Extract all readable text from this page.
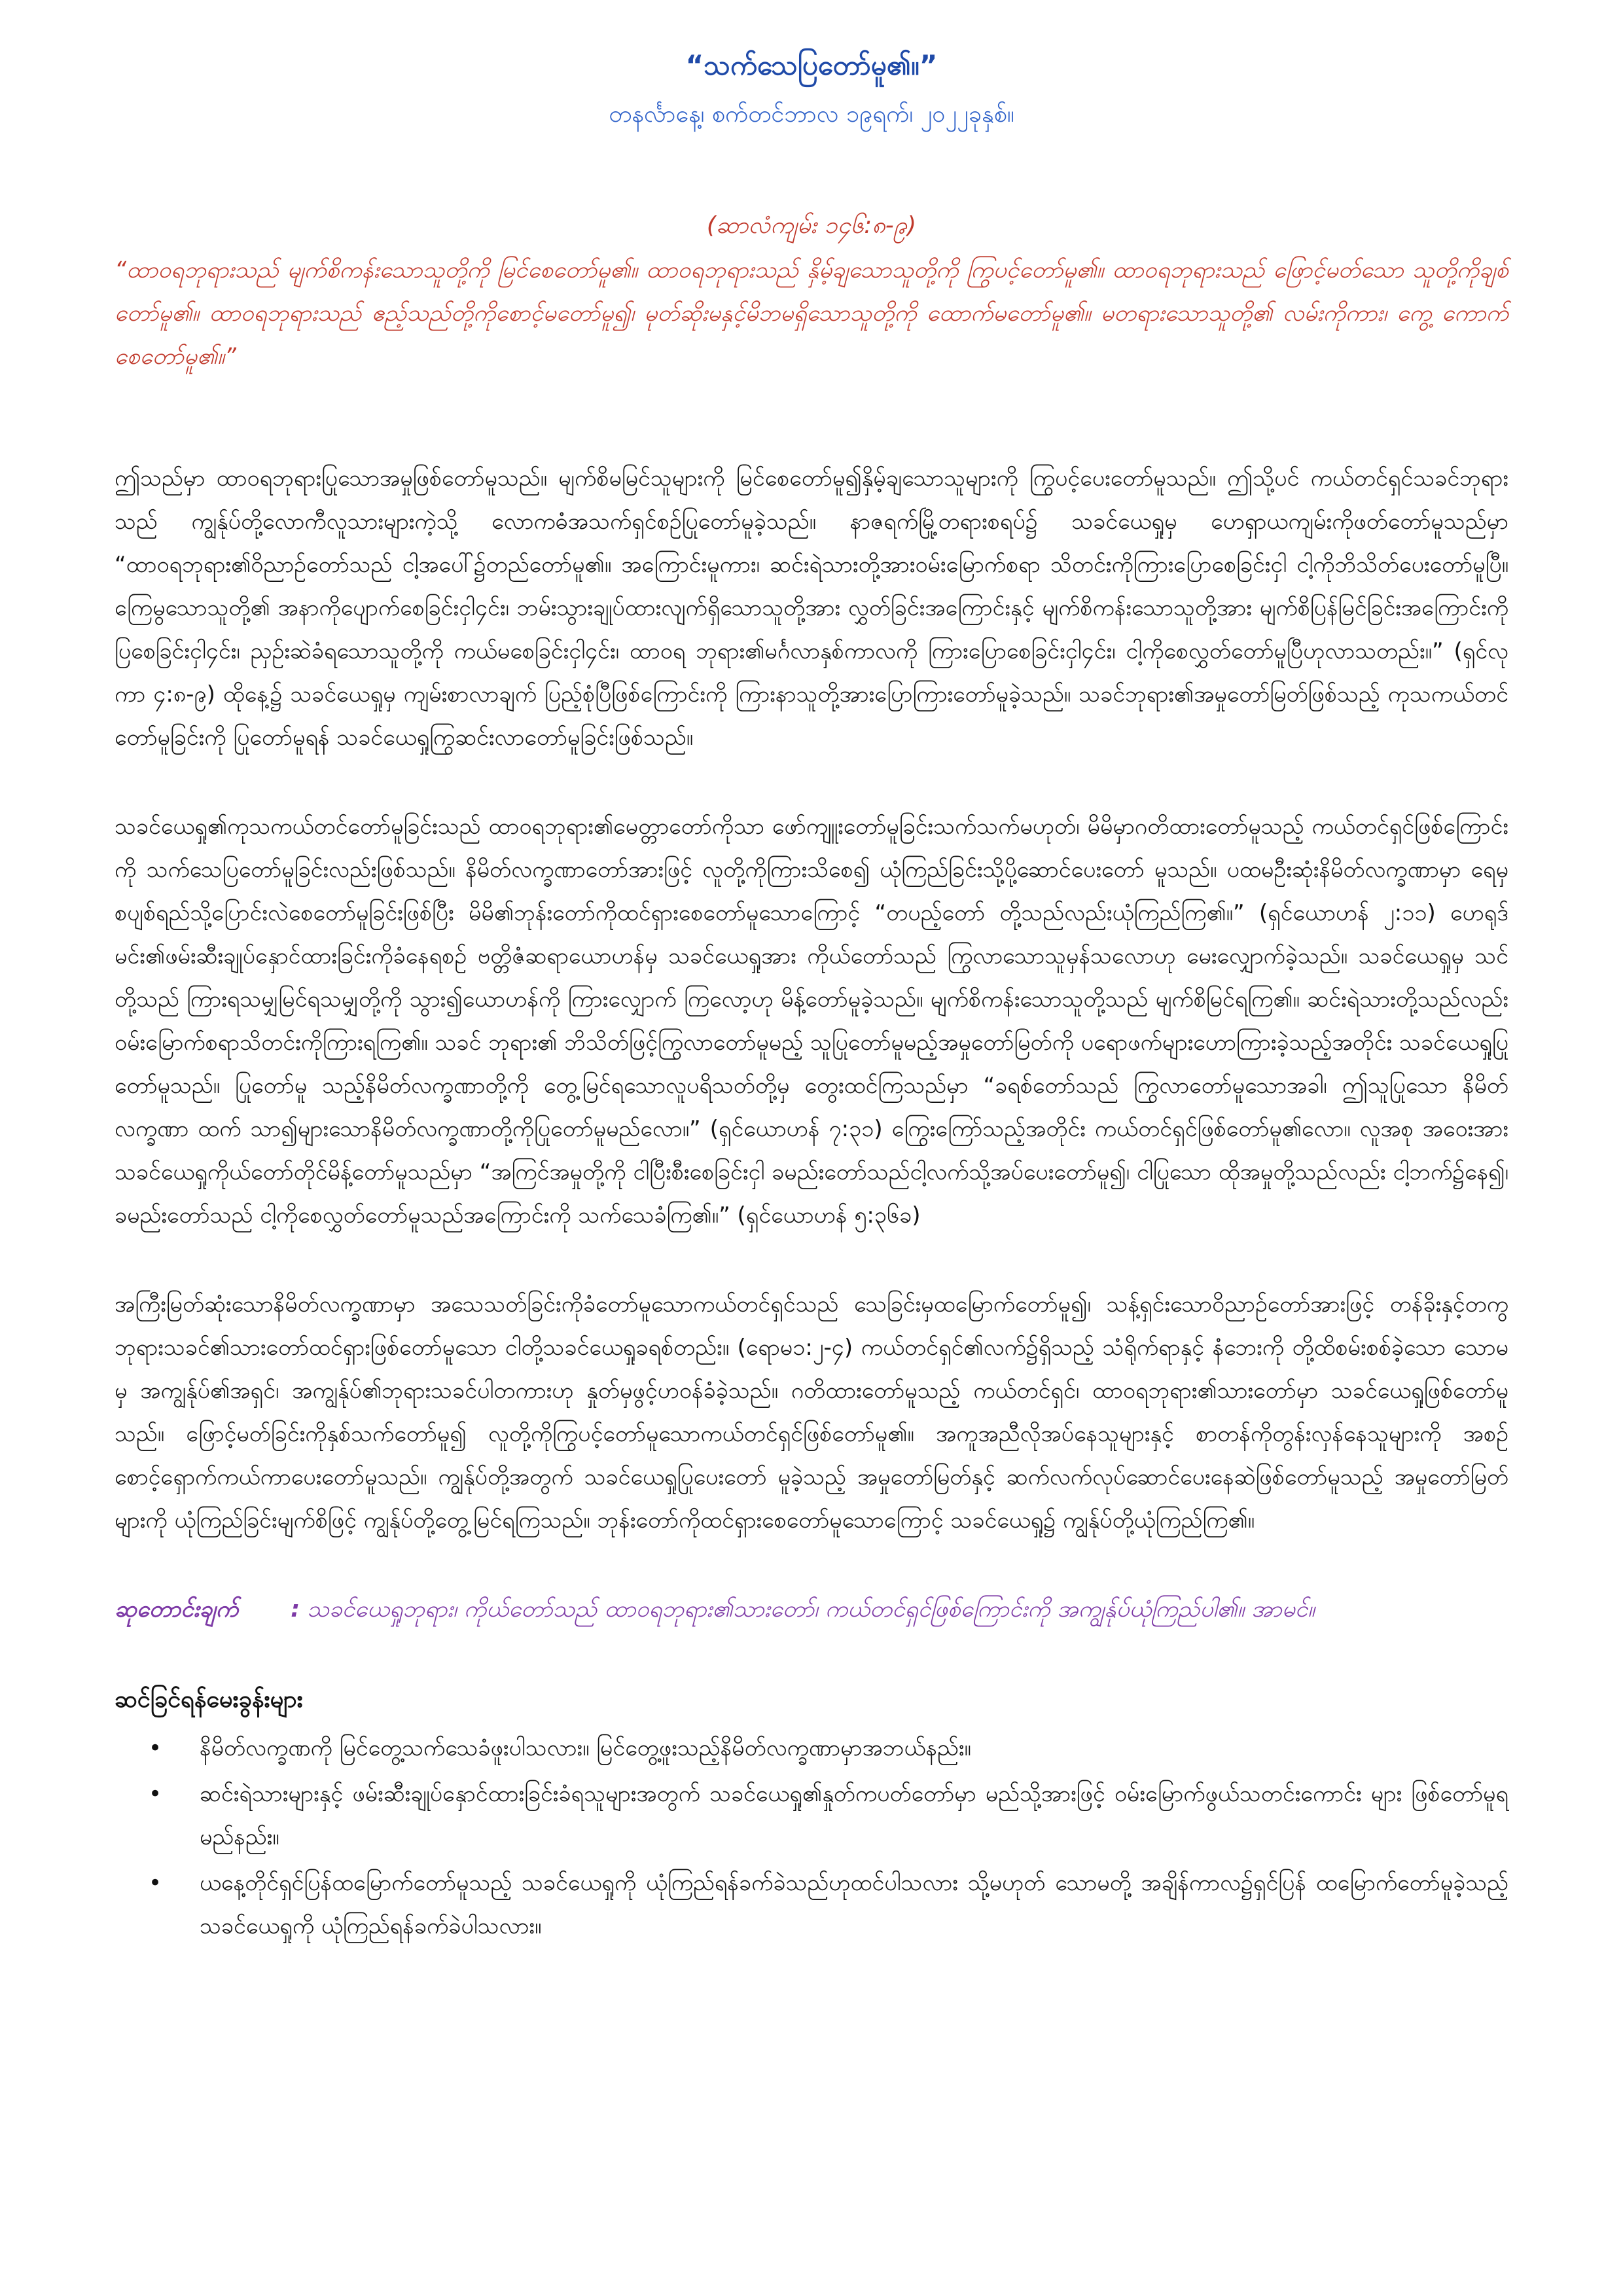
“သက်သေပြတော်မူ၏။”

တနင်္လာနေ့၊ စက်တင်ဘာလ ၁၉ရက်၊ ၂၀၂၂ခုနှစ်။

(ဆာလံကျမ်း ၁၄၆:၈-၉)

“ထာဝရဘုရားသည် မျက်စိကန်းသောသူတို့ကို မြင်စေတော်မူ၏။ ထာဝရဘုရားသည် နှိမ့်ချသောသူတို့ကို ကြွပင့်တော်မူ၏။ ထာဝရဘုရားသည် ဖြောင့်မတ်သော သူတို့ကိုချစ်တော်မူ၏။ ထာဝရဘုရားသည် ဧည့်သည်တို့ကိုစောင့်မတော်မူ၍၊ မုတ်ဆိုးမနှင့်မိဘမရှိသောသူတို့ကို ထောက်မတော်မူ၏။ မတရားသောသူတို့၏ လမ်းကိုကား၊ ကွေ့ ကောက်စေတော်မူ၏။”

ဤသည်မှာ ထာဝရဘုရားပြုသောအမှုဖြစ်တော်မူသည်။ မျက်စိမမြင်သူများကို မြင်စေတော်မူ၍နှိမ့်ချသောသူများကို ကြွပင့်ပေးတော်မူသည်။ ဤသို့ပင် ကယ်တင်ရှင်သခင်ဘုရားသည် ကျွန်ုပ်တို့လောကီလူသားများကဲ့သို့ လောကဓံအသက်ရှင်စဉ်ပြုတော်မူခဲ့သည်။ နာဇရက်မြို့တရားစရပ်၌ သခင်ယေရှုမှ ဟေရှာယကျမ်းကိုဖတ်တော်မူသည်မှာ “ထာဝရဘုရား၏ဝိညာဉ်တော်သည် ငါ့အပေါ်၌တည်တော်မူ၏။ အကြောင်းမူကား၊ ဆင်းရဲသားတို့အားဝမ်းမြောက်စရာ သိတင်းကိုကြားပြောစေခြင်းငှါ ငါ့ကိုဘိသိတ်ပေးတော်မူပြီ။ ကြေမွသောသူတို့၏ အနာကိုပျောက်စေခြင်းငှါ၄င်း၊ ဘမ်းသွားချုပ်ထားလျက်ရှိသောသူတို့အား လွှတ်ခြင်းအကြောင်းနှင့် မျက်စိကန်းသောသူတို့အား မျက်စိပြန်မြင်ခြင်းအကြောင်းကိုပြစေခြင်းငှါ၄င်း၊ ညှဉ်းဆဲခံရသောသူတို့ကို ကယ်မစေခြင်းငှါ၄င်း၊ ထာဝရ ဘုရား၏မင်္ဂလာနှစ်ကာလကို ကြားပြောစေခြင်းငှါ၄င်း၊ ငါ့ကိုစေလွှတ်တော်မူပြီဟုလာသတည်း။” (ရှင်လုကာ ၄:၈-၉) ထိုနေ့၌ သခင်ယေရှုမှ ကျမ်းစာလာချက် ပြည့်စုံပြီဖြစ်ကြောင်းကို ကြားနာသူတို့အားပြောကြားတော်မူခဲ့သည်။ သခင်ဘုရား၏အမှုတော်မြတ်ဖြစ်သည့် ကုသကယ်တင်တော်မူခြင်းကို ပြုတော်မူရန် သခင်ယေရှုကြွဆင်းလာတော်မူခြင်းဖြစ်သည်။

သခင်ယေရှု၏ကုသကယ်တင်တော်မူခြင်းသည် ထာဝရဘုရား၏မေတ္တာတော်ကိုသာ ဖော်ကျူးတော်မူခြင်းသက်သက်မဟုတ်၊ မိမိမှာဂတိထားတော်မူသည့် ကယ်တင်ရှင်ဖြစ်ကြောင်းကို သက်သေပြတော်မူခြင်းလည်းဖြစ်သည်။ နိမိတ်လက္ခဏာတော်အားဖြင့် လူတို့ကိုကြားသိစေ၍ ယုံကြည်ခြင်းသို့ပို့ဆောင်ပေးတော် မူသည်။ ပထမဦးဆုံးနိမိတ်လက္ခဏာမှာ ရေမှစပျစ်ရည်သို့ပြောင်းလဲစေတော်မူခြင်းဖြစ်ပြီး မိမိ၏ဘုန်းတော်ကိုထင်ရှားစေတော်မူသောကြောင့် “တပည့်တော် တို့သည်လည်းယုံကြည်ကြ၏။” (ရှင်ယောဟန် ၂:၁၁) ဟေရုဒ်မင်း၏ဖမ်းဆီးချုပ်နှောင်ထားခြင်းကိုခံနေရစဉ် ဗတ္တိဇံဆရာယောဟန်မှ သခင်ယေရှုအား ကိုယ်တော်သည် ကြွလာသောသူမှန်သလောဟု မေးလျှောက်ခဲ့သည်။ သခင်ယေရှုမှ သင်တို့သည် ကြားရသမျှမြင်ရသမျှတို့ကို သွား၍ယောဟန်ကို ကြားလျှောက် ကြလော့ဟု မိန့်တော်မူခဲ့သည်။ မျက်စိကန်းသောသူတို့သည် မျက်စိမြင်ရကြ၏။ ဆင်းရဲသားတို့သည်လည်း ဝမ်းမြောက်စရာသိတင်းကိုကြားရကြ၏။ သခင် ဘုရား၏ ဘိသိတ်ဖြင့်ကြွလာတော်မူမည့် သူပြုတော်မူမည့်အမှုတော်မြတ်ကို ပရောဖက်များဟောကြားခဲ့သည့်အတိုင်း သခင်ယေရှုပြုတော်မူသည်။ ပြုတော်မူ သည့်နိမိတ်လက္ခဏာတို့ကို တွေ့မြင်ရသောလူပရိသတ်တို့မှ တွေးထင်ကြသည်မှာ “ခရစ်တော်သည် ကြွလာတော်မူသောအခါ၊ ဤသူပြုသော နိမိတ်လက္ခဏာ ထက် သာ၍များသောနိမိတ်လက္ခဏာတို့ကိုပြုတော်မူမည်လော။” (ရှင်ယောဟန် ၇:၃၁) ကြွေးကြော်သည့်အတိုင်း ကယ်တင်ရှင်ဖြစ်တော်မူ၏လော။ လူအစု အဝေးအား သခင်ယေရှုကိုယ်တော်တိုင်မိန့်တော်မူသည်မှာ “အကြင်အမှုတို့ကို ငါပြီးစီးစေခြင်းငှါ ခမည်းတော်သည်ငါ့လက်သို့အပ်ပေးတော်မူ၍၊ ငါပြုသော ထိုအမှုတို့သည်လည်း ငါ့ဘက်၌နေ၍၊ ခမည်းတော်သည် ငါ့ကိုစေလွှတ်တော်မူသည်အကြောင်းကို သက်သေခံကြ၏။” (ရှင်ယောဟန် ၅:၃၆ခ)

အကြီးမြတ်ဆုံးသောနိမိတ်လက္ခဏာမှာ အသေသတ်ခြင်းကိုခံတော်မူသောကယ်တင်ရှင်သည် သေခြင်းမှထမြောက်တော်မူ၍၊ သန့်ရှင်းသောဝိညာဉ်တော်အားဖြင့် တန်ခိုးနှင့်တကွ ဘုရားသခင်၏သားတော်ထင်ရှားဖြစ်တော်မူသော ငါတို့သခင်ယေရှုခရစ်တည်း။ (ရောမ၁:၂-၄) ကယ်တင်ရှင်၏လက်၌ရှိသည့် သံရိုက်ရာနှင့် နံဘေးကို တို့ထိစမ်းစစ်ခဲ့သော သောမမှ အကျွန်ုပ်၏အရှင်၊ အကျွန်ုပ်၏ဘုရားသခင်ပါတကားဟု နှုတ်မှဖွင့်ဟဝန်ခံခဲ့သည်။ ဂတိထားတော်မူသည့် ကယ်တင်ရှင်၊ ထာဝရဘုရား၏သားတော်မှာ သခင်ယေရှုဖြစ်တော်မူသည်။ ဖြောင့်မတ်ခြင်းကိုနှစ်သက်တော်မူ၍ လူတို့ကိုကြွပင့်တော်မူသောကယ်တင်ရှင်ဖြစ်တော်မူ၏။ အကူအညီလိုအပ်နေသူများနှင့် စာတန်ကိုတွန်းလှန်နေသူများကို အစဉ်စောင့်ရှောက်ကယ်ကာပေးတော်မူသည်။ ကျွန်ုပ်တို့အတွက် သခင်ယေရှုပြုပေးတော် မူခဲ့သည့် အမှုတော်မြတ်နှင့် ဆက်လက်လုပ်ဆောင်ပေးနေဆဲဖြစ်တော်မူသည့် အမှုတော်မြတ်များကို ယုံကြည်ခြင်းမျက်စိဖြင့် ကျွန်ုပ်တို့တွေ့မြင်ရကြသည်။ ဘုန်းတော်ကိုထင်ရှားစေတော်မူသောကြောင့် သခင်ယေရှု၌ ကျွန်ုပ်တို့ယုံကြည်ကြ၏။

ဆုတောင်းချက် : သခင်ယေရှုဘုရား၊ ကိုယ်တော်သည် ထာဝရဘုရား၏သားတော်၊ ကယ်တင်ရှင်ဖြစ်ကြောင်းကို အကျွန်ုပ်ယုံကြည်ပါ၏။ အာမင်။

ဆင်ခြင်ရန်မေးခွန်းများ

• နိမိတ်လက္ခဏကို မြင်တွေ့သက်သေခံဖူးပါသလား။ မြင်တွေ့ဖူးသည့်နိမိတ်လက္ခဏာမှာအဘယ်နည်း။
• ဆင်းရဲသားများနှင့် ဖမ်းဆီးချုပ်နှောင်ထားခြင်းခံရသူများအတွက် သခင်ယေရှု၏နှုတ်ကပတ်တော်မှာ မည်သို့အားဖြင့် ဝမ်းမြောက်ဖွယ်သတင်းကောင်း များ ဖြစ်တော်မူရမည်နည်း။
• ယနေ့တိုင်ရှင်ပြန်ထမြောက်တော်မူသည့် သခင်ယေရှုကို ယုံကြည်ရန်ခက်ခဲသည်ဟုထင်ပါသလား သို့မဟုတ် သောမတို့ အချိန်ကာလ၌ရှင်ပြန် ထမြောက်တော်မူခဲ့သည့်သခင်ယေရှုကို ယုံကြည်ရန်ခက်ခဲပါသလား။
